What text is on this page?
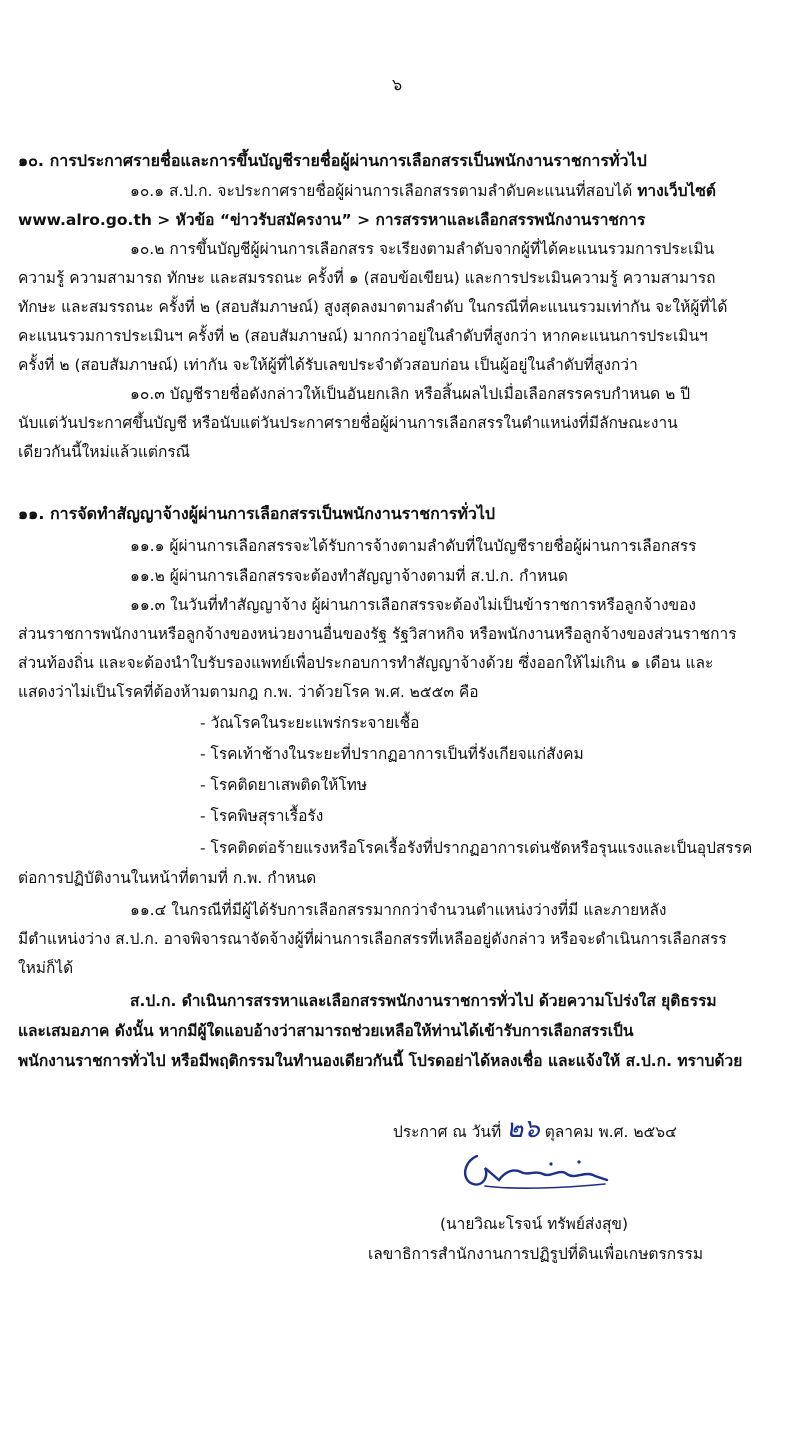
๖
๑๐. การประกาศรายชื่อและการขึ้นบัญชีรายชื่อผู้ผ่านการเลือกสรรเป็นพนักงานราชการทั่วไป
๑๐.๑ ส.ป.ก. จะประกาศรายชื่อผู้ผ่านการเลือกสรรตามลำดับคะแนนที่สอบได้ ทางเว็บไซต์
www.alro.go.th > หัวข้อ “ข่าวรับสมัครงาน” > การสรรหาและเลือกสรรพนักงานราชการ
๑๐.๒ การขึ้นบัญชีผู้ผ่านการเลือกสรร จะเรียงตามลำดับจากผู้ที่ได้คะแนนรวมการประเมิน
ความรู้ ความสามารถ ทักษะ และสมรรถนะ ครั้งที่ ๑ (สอบข้อเขียน) และการประเมินความรู้ ความสามารถ
ทักษะ และสมรรถนะ ครั้งที่ ๒ (สอบสัมภาษณ์) สูงสุดลงมาตามลำดับ ในกรณีที่คะแนนรวมเท่ากัน จะให้ผู้ที่ได้
คะแนนรวมการประเมินฯ ครั้งที่ ๒ (สอบสัมภาษณ์) มากกว่าอยู่ในลำดับที่สูงกว่า หากคะแนนการประเมินฯ
ครั้งที่ ๒ (สอบสัมภาษณ์) เท่ากัน จะให้ผู้ที่ได้รับเลขประจำตัวสอบก่อน เป็นผู้อยู่ในลำดับที่สูงกว่า
๑๐.๓ บัญชีรายชื่อดังกล่าวให้เป็นอันยกเลิก หรือสิ้นผลไปเมื่อเลือกสรรครบกำหนด ๒ ปี
นับแต่วันประกาศขึ้นบัญชี หรือนับแต่วันประกาศรายชื่อผู้ผ่านการเลือกสรรในตำแหน่งที่มีลักษณะงาน
เดียวกันนี้ใหม่แล้วแต่กรณี
๑๑. การจัดทำสัญญาจ้างผู้ผ่านการเลือกสรรเป็นพนักงานราชการทั่วไป
๑๑.๑ ผู้ผ่านการเลือกสรรจะได้รับการจ้างตามลำดับที่ในบัญชีรายชื่อผู้ผ่านการเลือกสรร
๑๑.๒ ผู้ผ่านการเลือกสรรจะต้องทำสัญญาจ้างตามที่ ส.ป.ก. กำหนด
๑๑.๓ ในวันที่ทำสัญญาจ้าง ผู้ผ่านการเลือกสรรจะต้องไม่เป็นข้าราชการหรือลูกจ้างของ
ส่วนราชการพนักงานหรือลูกจ้างของหน่วยงานอื่นของรัฐ รัฐวิสาหกิจ หรือพนักงานหรือลูกจ้างของส่วนราชการ
ส่วนท้องถิ่น และจะต้องนำใบรับรองแพทย์เพื่อประกอบการทำสัญญาจ้างด้วย ซึ่งออกให้ไม่เกิน ๑ เดือน และ
แสดงว่าไม่เป็นโรคที่ต้องห้ามตามกฎ ก.พ. ว่าด้วยโรค พ.ศ. ๒๕๕๓ คือ
- วัณโรคในระยะแพร่กระจายเชื้อ
- โรคเท้าช้างในระยะที่ปรากฏอาการเป็นที่รังเกียจแก่สังคม
- โรคติดยาเสพติดให้โทษ
- โรคพิษสุราเรื้อรัง
- โรคติดต่อร้ายแรงหรือโรคเรื้อรังที่ปรากฏอาการเด่นชัดหรือรุนแรงและเป็นอุปสรรค
ต่อการปฏิบัติงานในหน้าที่ตามที่ ก.พ. กำหนด
๑๑.๔ ในกรณีที่มีผู้ได้รับการเลือกสรรมากกว่าจำนวนตำแหน่งว่างที่มี และภายหลัง
มีตำแหน่งว่าง ส.ป.ก. อาจพิจารณาจัดจ้างผู้ที่ผ่านการเลือกสรรที่เหลืออยู่ดังกล่าว หรือจะดำเนินการเลือกสรร
ใหม่ก็ได้
ส.ป.ก. ดำเนินการสรรหาและเลือกสรรพนักงานราชการทั่วไป ด้วยความโปร่งใส ยุติธรรม
และเสมอภาค ดังนั้น หากมีผู้ใดแอบอ้างว่าสามารถช่วยเหลือให้ท่านได้เข้ารับการเลือกสรรเป็น
พนักงานราชการทั่วไป หรือมีพฤติกรรมในทำนองเดียวกันนี้ โปรดอย่าได้หลงเชื่อ และแจ้งให้ ส.ป.ก. ทราบด้วย
ประกาศ ณ วันที่ ๒๖ ตุลาคม พ.ศ. ๒๕๖๔
(นายวิณะโรจน์ ทรัพย์ส่งสุข)
เลขาธิการสำนักงานการปฏิรูปที่ดินเพื่อเกษตรกรรม
